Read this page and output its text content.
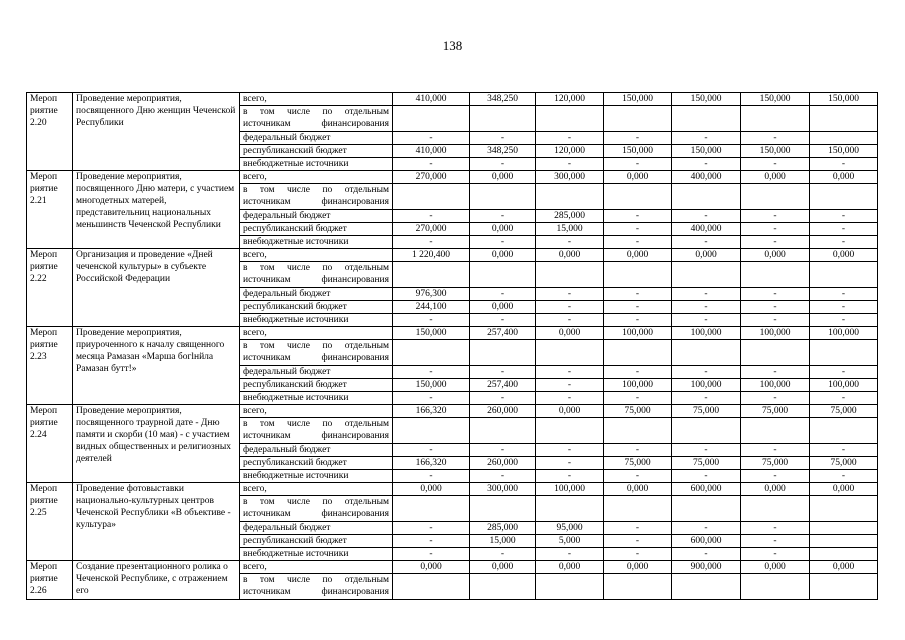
138
Мероп
риятие
2.20	Проведение мероприятия, посвященного Дню женщин Чеченской Республики	всего,	410,000	348,250	120,000	150,000	150,000	150,000	150,000
		в том числе по отдельным источникам финансирования							
		федеральный бюджет	-	-	-	-	-	-	
		республиканский бюджет	410,000	348,250	120,000	150,000	150,000	150,000	150,000
		внебюджетные источники	-	-	-	-	-	-	-

Мероп
риятие
2.21	Проведение мероприятия, посвященного Дню матери, с участием многодетных матерей, представительниц национальных меньшинств Чеченской Республики	всего,	270,000	0,000	300,000	0,000	400,000	0,000	0,000
		в том числе по отдельным источникам финансирования							
		федеральный бюджет	-	-	285,000	-	-	-	-
		республиканский бюджет	270,000	0,000	15,000	-	400,000	-	-
		внебюджетные источники	-	-	-	-	-	-	-

Мероп
риятие
2.22	Организация и проведение «Дней чеченской культуры» в субъекте Российской Федерации	всего,	1 220,400	0,000	0,000	0,000	0,000	0,000	0,000
		в том числе по отдельным источникам финансирования							
		федеральный бюджет	976,300	-	-	-	-	-	-
		республиканский бюджет	244,100	0,000	-	-	-	-	-
		внебюджетные источники	-	-	-	-	-	-	-

Мероп
риятие
2.23	Проведение мероприятия, приуроченного к началу священного месяца Рамазан «Марша богlнйла Рамазан бутт!»	всего,	150,000	257,400	0,000	100,000	100,000	100,000	100,000
		в том числе по отдельным источникам финансирования							
		федеральный бюджет	-	-	-	-	-	-	-
		республиканский бюджет	150,000	257,400	-	100,000	100,000	100,000	100,000
		внебюджетные источники	-	-	-	-	-	-	-

Мероп
риятие
2.24	Проведение мероприятия, посвященного траурной дате - Дню памяти и скорби (10 мая) - с участием видных общественных и религиозных деятелей	всего,	166,320	260,000	0,000	75,000	75,000	75,000	75,000
		в том числе по отдельным источникам финансирования							
		федеральный бюджет	-	-	-	-	-	-	-
		республиканский бюджет	166,320	260,000	-	75,000	75,000	75,000	75,000
		внебюджетные источники	-	-	-	-	-	-	-

Мероп
риятие
2.25	Проведение фотовыставки национально-культурных центров Чеченской Республики «В объективе - культура»	всего,	0,000	300,000	100,000	0,000	600,000	0,000	0,000
		в том числе по отдельным источникам финансирования							
		федеральный бюджет	-	285,000	95,000	-	-	-	
		республиканский бюджет	-	15,000	5,000	-	600,000	-	
		внебюджетные источники	-	-	-	-	-	-	

Мероп
риятие
2.26	Создание презентационного ролика о Чеченской Республике, с отражением его	всего,	0,000	0,000	0,000	0,000	900,000	0,000	0,000
		в том числе по отдельным источникам финансирования							
